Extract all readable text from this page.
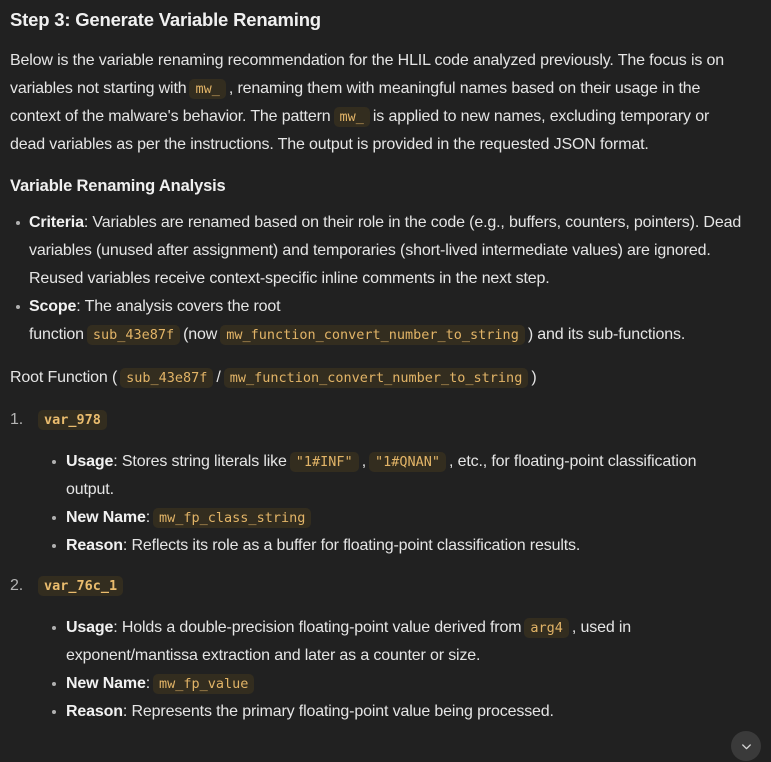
Step 3: Generate Variable Renaming

Below is the variable renaming recommendation for the HLIL code analyzed previously. The focus is on variables not starting with mw_ , renaming them with meaningful names based on their usage in the context of the malware's behavior. The pattern mw_ is applied to new names, excluding temporary or dead variables as per the instructions. The output is provided in the requested JSON format.

Variable Renaming Analysis
Criteria: Variables are renamed based on their role in the code (e.g., buffers, counters, pointers). Dead variables (unused after assignment) and temporaries (short-lived intermediate values) are ignored. Reused variables receive context-specific inline comments in the next step.
Scope: The analysis covers the root function sub_43e87f (now mw_function_convert_number_to_string ) and its sub-functions.

Root Function ( sub_43e87f / mw_function_convert_number_to_string )

1. var_978
Usage: Stores string literals like "1#INF" , "1#QNAN" , etc., for floating-point classification output.
New Name: mw_fp_class_string
Reason: Reflects its role as a buffer for floating-point classification results.
2. var_76c_1
Usage: Holds a double-precision floating-point value derived from arg4 , used in exponent/mantissa extraction and later as a counter or size.
New Name: mw_fp_value
Reason: Represents the primary floating-point value being processed.
